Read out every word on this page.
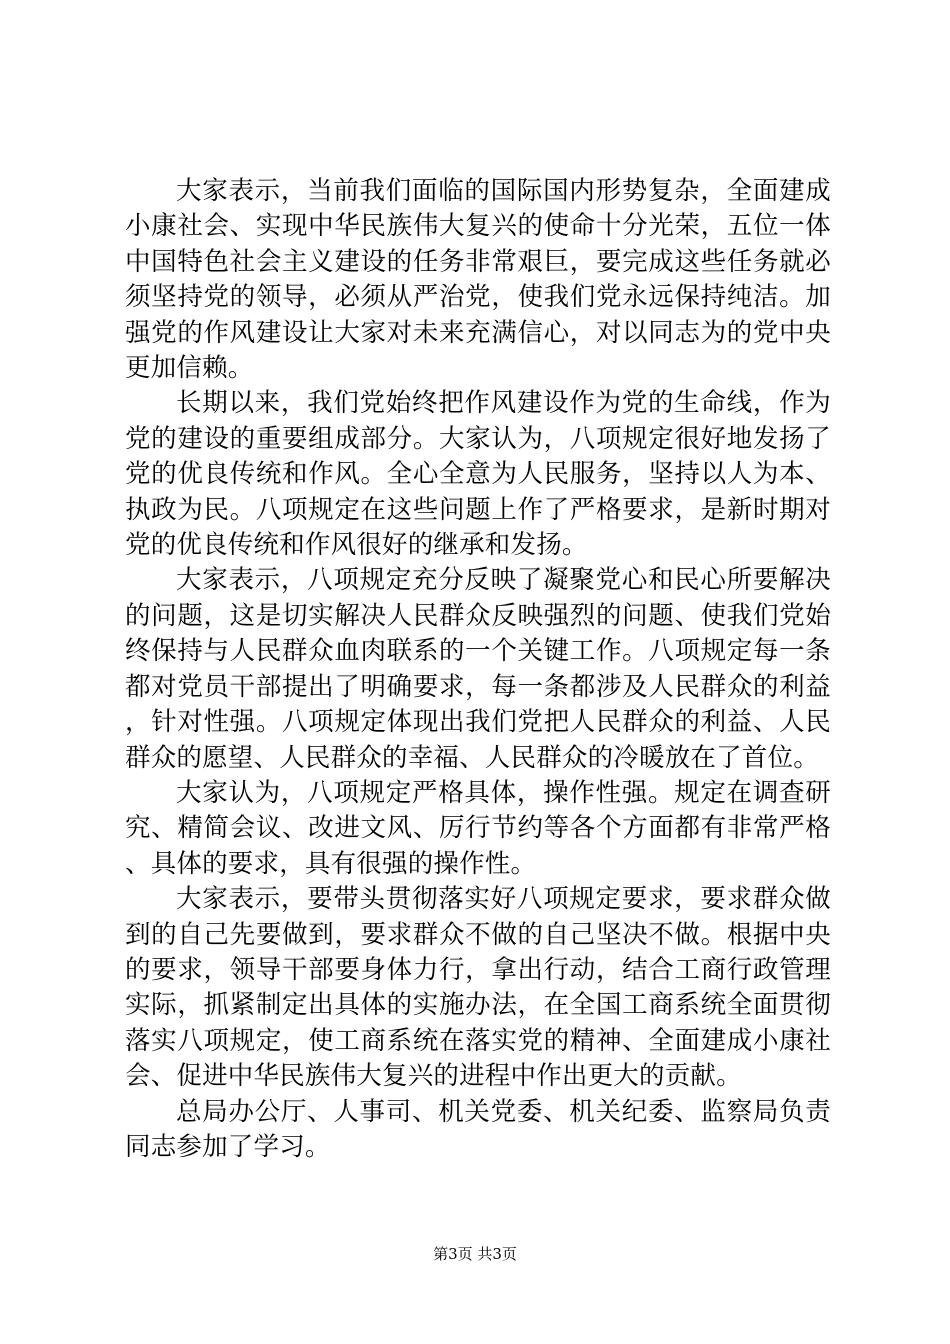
大家表示，当前我们面临的国际国内形势复杂，全面建成小康社会、实现中华民族伟大复兴的使命十分光荣，五位一体中国特色社会主义建设的任务非常艰巨，要完成这些任务就必须坚持党的领导，必须从严治党，使我们党永远保持纯洁。加强党的作风建设让大家对未来充满信心，对以同志为的党中央更加信赖。

长期以来，我们党始终把作风建设作为党的生命线，作为党的建设的重要组成部分。大家认为，八项规定很好地发扬了党的优良传统和作风。全心全意为人民服务，坚持以人为本、执政为民。八项规定在这些问题上作了严格要求，是新时期对党的优良传统和作风很好的继承和发扬。

大家表示，八项规定充分反映了凝聚党心和民心所要解决的问题，这是切实解决人民群众反映强烈的问题、使我们党始终保持与人民群众血肉联系的一个关键工作。八项规定每一条都对党员干部提出了明确要求，每一条都涉及人民群众的利益，针对性强。八项规定体现出我们党把人民群众的利益、人民群众的愿望、人民群众的幸福、人民群众的冷暖放在了首位。

大家认为，八项规定严格具体，操作性强。规定在调查研究、精简会议、改进文风、厉行节约等各个方面都有非常严格、具体的要求，具有很强的操作性。

大家表示，要带头贯彻落实好八项规定要求，要求群众做到的自己先要做到，要求群众不做的自己坚决不做。根据中央的要求，领导干部要身体力行，拿出行动，结合工商行政管理实际，抓紧制定出具体的实施办法，在全国工商系统全面贯彻落实八项规定，使工商系统在落实党的精神、全面建成小康社会、促进中华民族伟大复兴的进程中作出更大的贡献。

总局办公厅、人事司、机关党委、机关纪委、监察局负责同志参加了学习。

第3页 共3页
